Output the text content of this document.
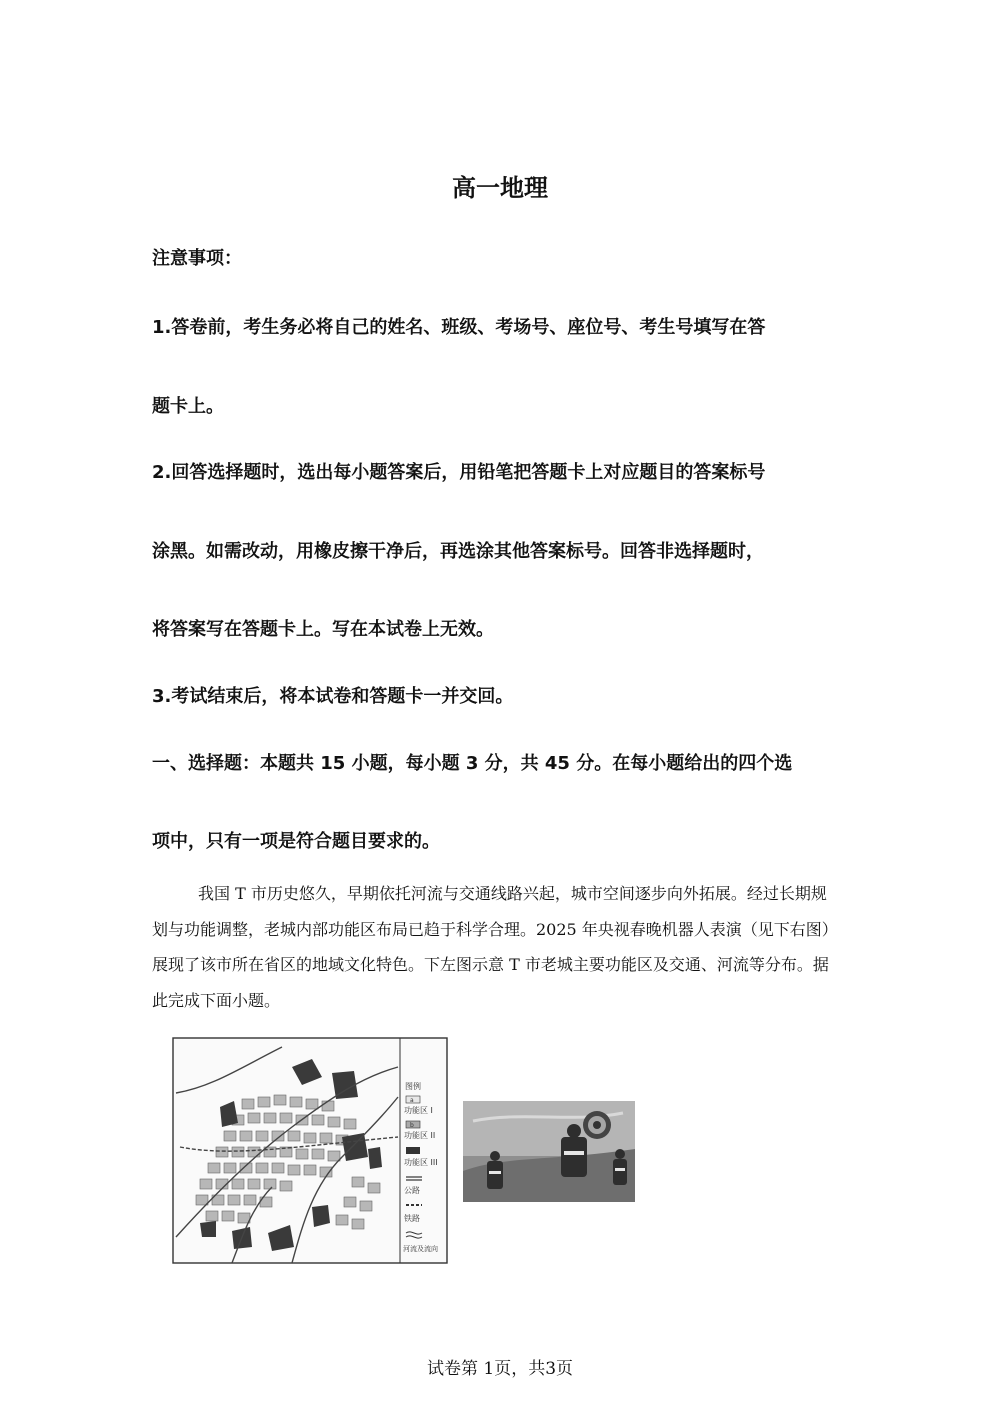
高一地理
注意事项：
1.答卷前，考生务必将自己的姓名、班级、考场号、座位号、考生号填写在答
题卡上。
2.回答选择题时，选出每小题答案后，用铅笔把答题卡上对应题目的答案标号
涂黑。如需改动，用橡皮擦干净后，再选涂其他答案标号。回答非选择题时，
将答案写在答题卡上。写在本试卷上无效。
3.考试结束后，将本试卷和答题卡一并交回。
一、选择题：本题共 15 小题，每小题 3 分，共 45 分。在每小题给出的四个选
项中，只有一项是符合题目要求的。
我国 T 市历史悠久，早期依托河流与交通线路兴起，城市空间逐步向外拓展。经过长期规划与功能调整，老城内部功能区布局已趋于科学合理。2025 年央视春晚机器人表演（见下右图）展现了该市所在省区的地域文化特色。下左图示意 T 市老城主要功能区及交通、河流等分布。据此完成下面小题。
图例
a
功能区 I
b
功能区 II
功能区 III
公路
铁路
河流及流向
试卷第 1页，共3页
